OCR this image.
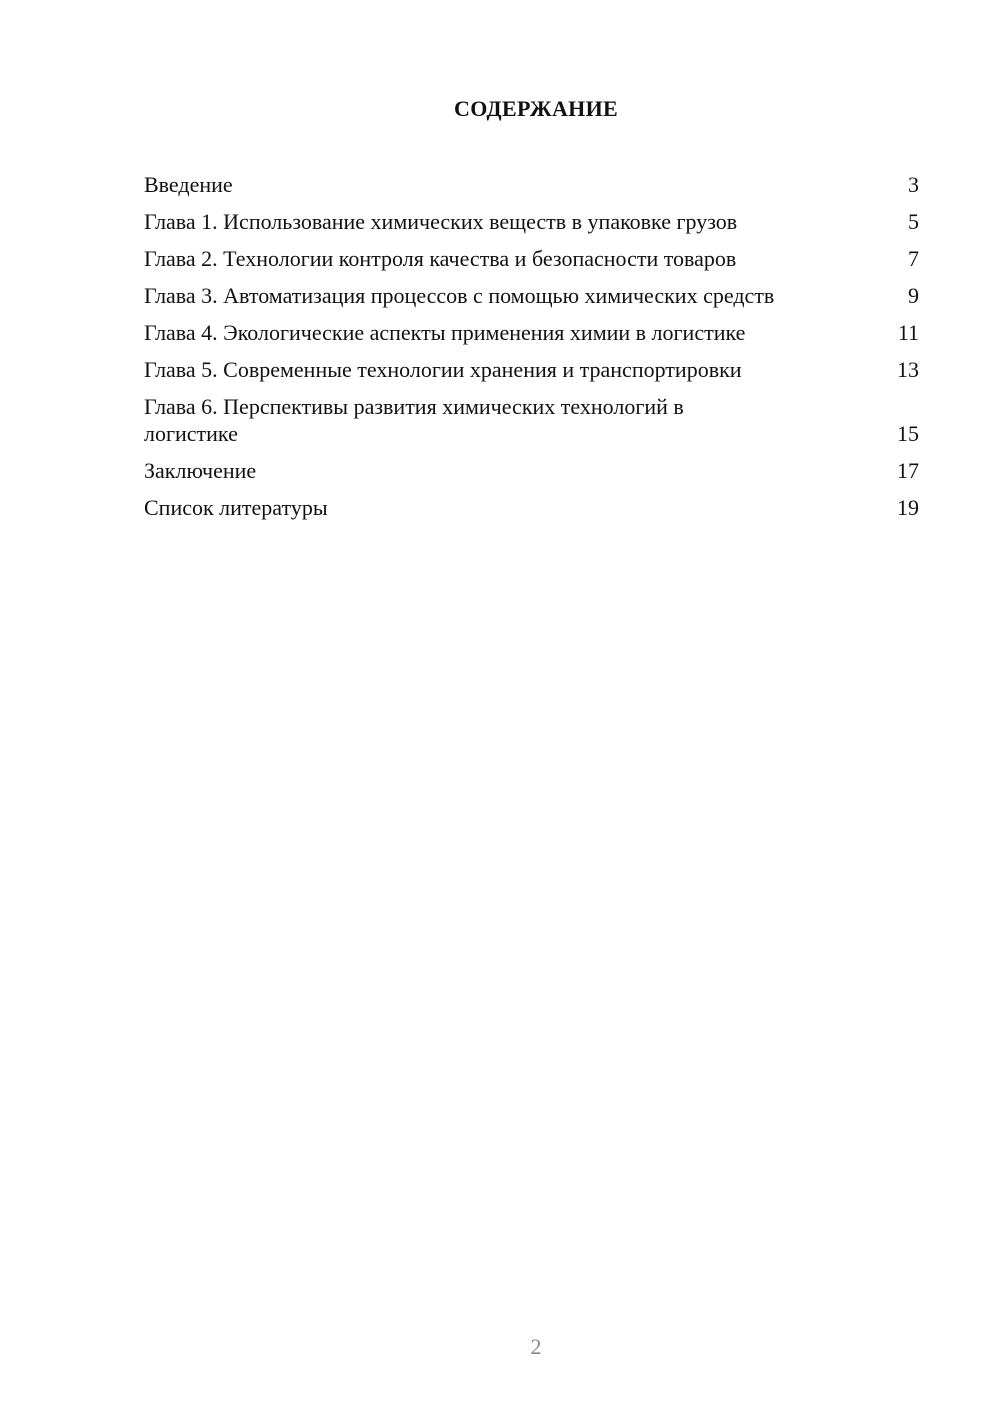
СОДЕРЖАНИЕ
Введение	3
Глава 1. Использование химических веществ в упаковке грузов	5
Глава 2. Технологии контроля качества и безопасности товаров	7
Глава 3. Автоматизация процессов с помощью химических средств	9
Глава 4. Экологические аспекты применения химии в логистике	11
Глава 5. Современные технологии хранения и транспортировки	13
Глава 6. Перспективы развития химических технологий в логистике	15
Заключение	17
Список литературы	19
2
